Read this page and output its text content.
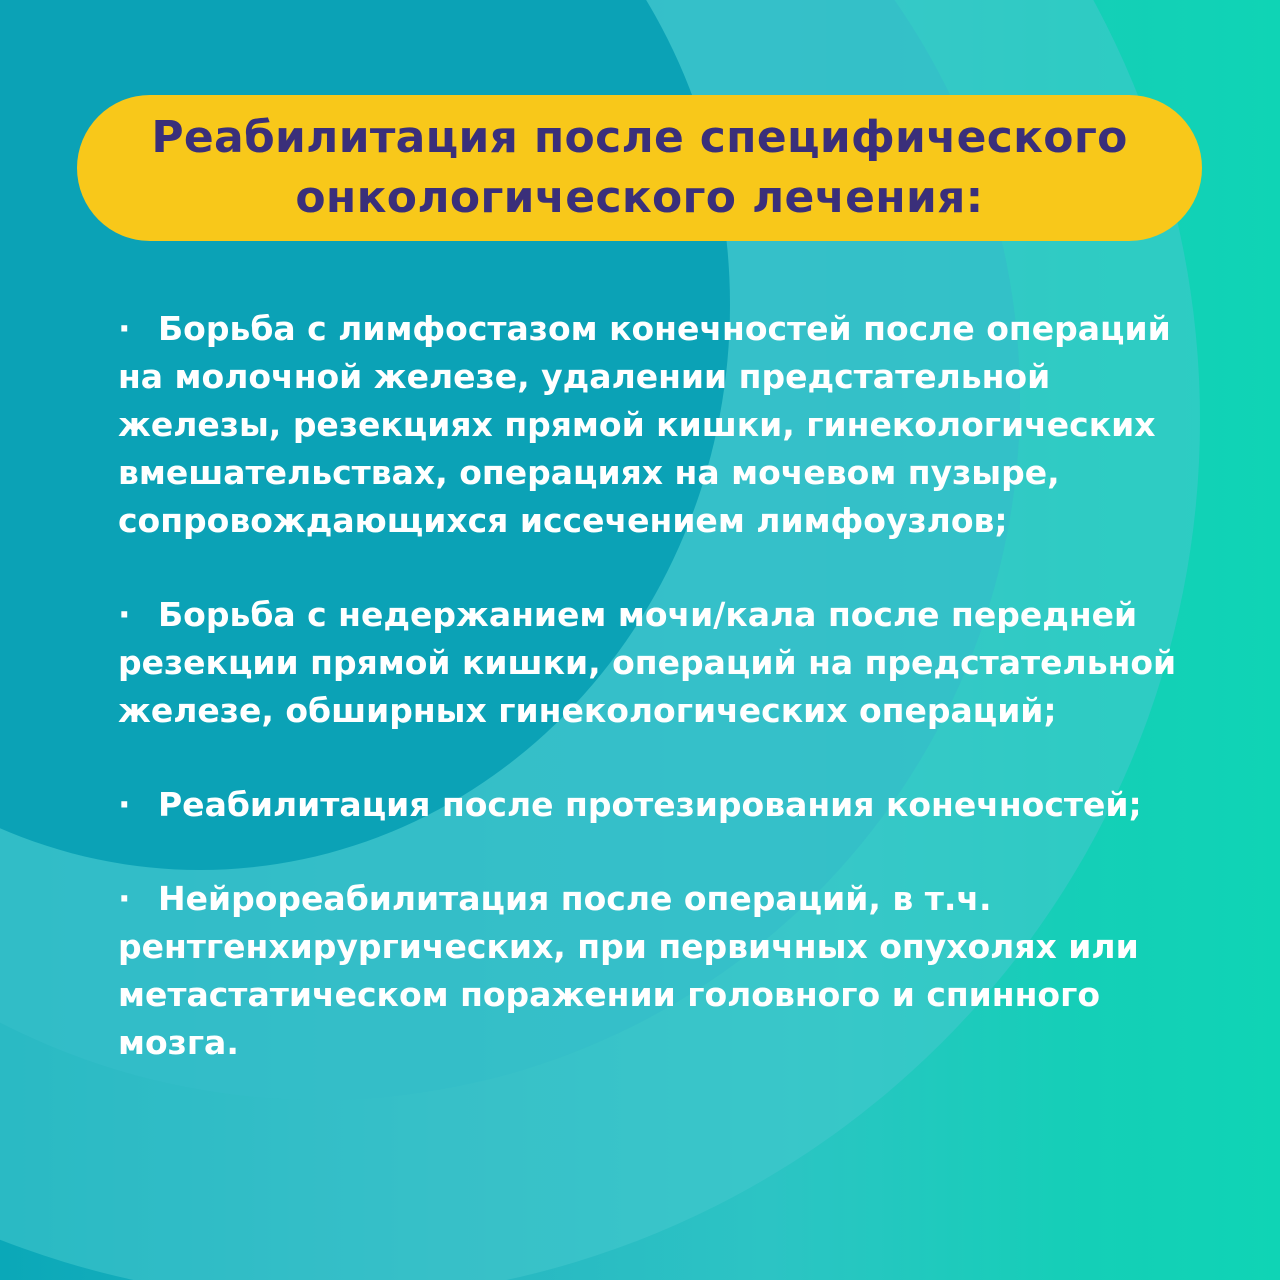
Реабилитация после специфического
онкологического лечения:
· Борьба с лимфостазом конечностей после операций на молочной железе, удалении предстательной железы, резекциях прямой кишки, гинекологических вмешательствах, операциях на мочевом пузыре, сопровождающихся иссечением лимфоузлов;
· Борьба с недержанием мочи/кала после передней резекции прямой кишки, операций на предстательной железе, обширных гинекологических операций;
· Реабилитация после протезирования конечностей;
· Нейрореабилитация после операций, в т.ч. рентгенхирургических, при первичных опухолях или метастатическом поражении головного и спинного мозга.
